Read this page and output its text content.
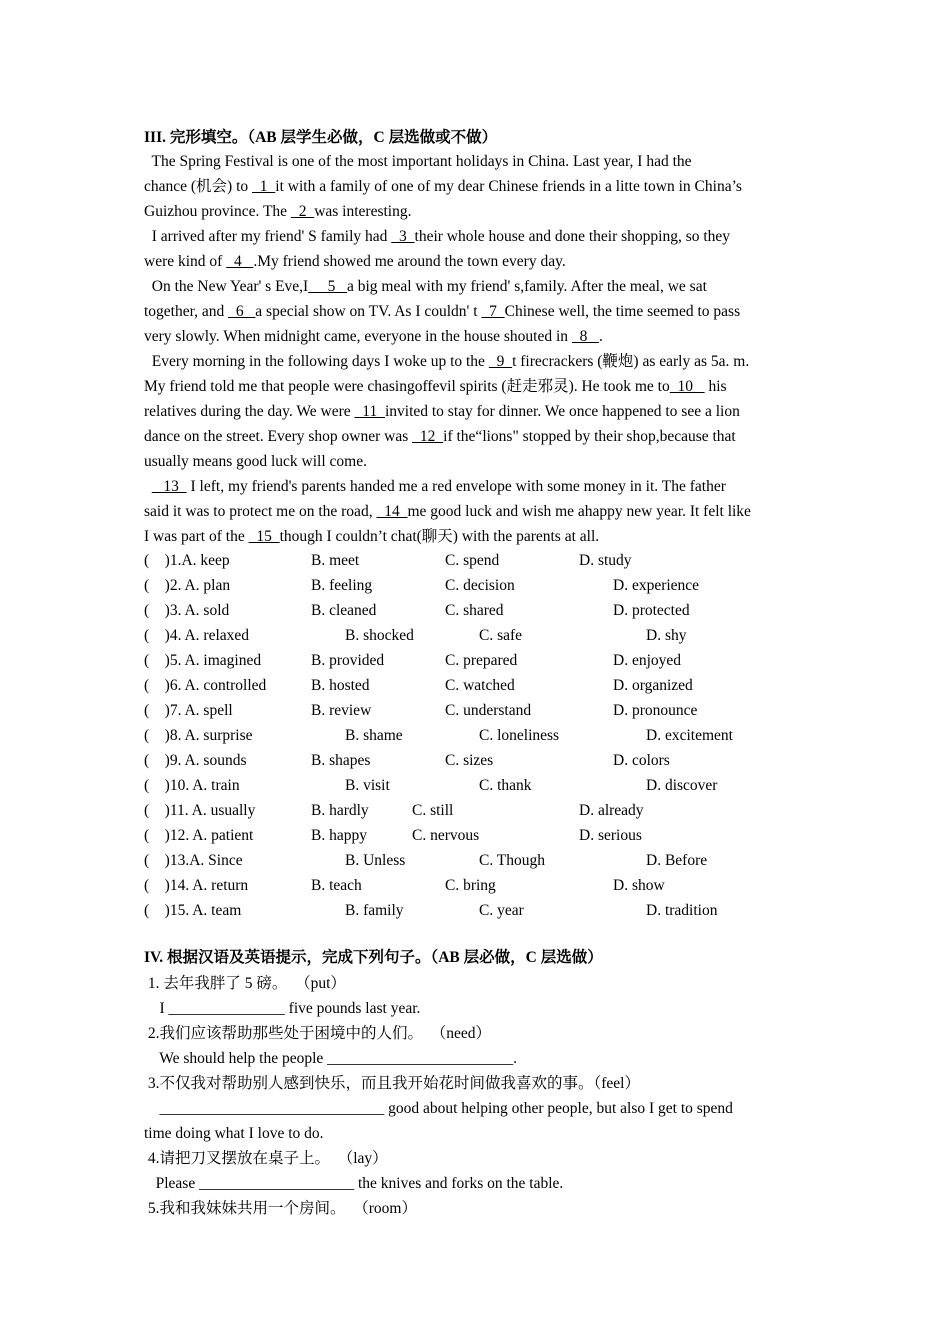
III. 完形填空。（AB 层学生必做，C 层选做或不做）
The Spring Festival is one of the most important holidays in China. Last year, I had the
chance (机会) to   1  it with a family of one of my dear Chinese friends in a litte town in China’s
Guizhou province. The   2  was interesting.
I arrived after my friend' S family had   3  their whole house and done their shopping, so they
were kind of   4   .My friend showed me around the town every day.
On the New Year' s Eve,I     5   a big meal with my friend' s,family. After the meal, we sat
together, and   6   a special show on TV. As I couldn' t   7  Chinese well, the time seemed to pass
very slowly. When midnight came, everyone in the house shouted in   8   .
Every morning in the following days I woke up to the   9  t firecrackers (鞭炮) as early as 5a. m.
My friend told me that people were chasingoffevil spirits (赶走邪灵). He took me to  10    his
relatives during the day. We were   11  invited to stay for dinner. We once happened to see a lion
dance on the street. Every shop owner was   12  if the“lions" stopped by their shop,because that
usually means good luck will come.
13   I left, my friend's parents handed me a red envelope with some money in it. The father
said it was to protect me on the road,   14  me good luck and wish me ahappy new year. It felt like
I was part of the   15  though I couldn’t chat(聊天) with the parents at all.
(    )1.A. keep	B. meet	C. spend	D. study
(    )2. A. plan	B. feeling	C. decision	D. experience
(    )3. A. sold	B. cleaned	C. shared	D. protected
(    )4. A. relaxed	B. shocked	C. safe	D. shy
(    )5. A. imagined	B. provided	C. prepared	D. enjoyed
(    )6. A. controlled	B. hosted	C. watched	D. organized
(    )7. A. spell	B. review	C. understand	D. pronounce
(    )8. A. surprise	B. shame	C. loneliness	D. excitement
(    )9. A. sounds	B. shapes	C. sizes	D. colors
(    )10. A. train	B. visit	C. thank	D. discover
(    )11. A. usually	B. hardly	C. still	D. already
(    )12. A. patient	B. happy	C. nervous	D. serious
(    )13.A. Since	B. Unless	C. Though	D. Before
(    )14. A. return	B. teach	C. bring	D. show
(    )15. A. team	B. family	C. year	D. tradition
IV. 根据汉语及英语提示，完成下列句子。（AB 层必做，C 层选做）
1. 去年我胖了 5 磅。  （put）
I _______________ five pounds last year.
2.我们应该帮助那些处于困境中的人们。  （need）
We should help the people ________________________.
3.不仅我对帮助别人感到快乐，而且我开始花时间做我喜欢的事。（feel）
_____________________________ good about helping other people, but also I get to spend
time doing what I love to do.
4.请把刀叉摆放在桌子上。  （lay）
Please ____________________ the knives and forks on the table.
5.我和我妹妹共用一个房间。  （room）
